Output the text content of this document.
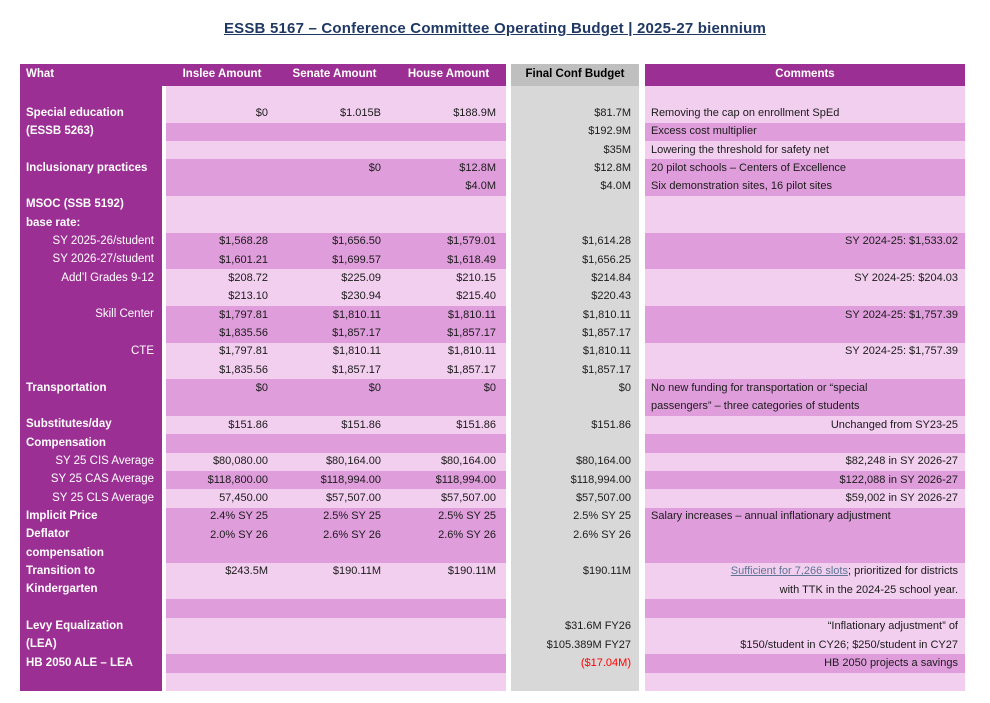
ESSB 5167 – Conference Committee Operating Budget | 2025-27 biennium
What	Inslee Amount	Senate Amount	House Amount	Final Conf Budget	Comments
Special education	$0	$1.015B	$188.9M	$81.7M	Removing the cap on enrollment SpEd
(ESSB 5263)	$192.9M	Excess cost multiplier
$35M	Lowering the threshold for safety net
Inclusionary practices	$0	$12.8M	$12.8M	20 pilot schools – Centers of Excellence
$4.0M	$4.0M	Six demonstration sites, 16 pilot sites
MSOC (SSB 5192)
base rate:
SY 2025-26/student	$1,568.28	$1,656.50	$1,579.01	$1,614.28	SY 2024-25: $1,533.02
SY 2026-27/student	$1,601.21	$1,699.57	$1,618.49	$1,656.25
Add’l Grades 9-12	$208.72	$225.09	$210.15	$214.84	SY 2024-25: $204.03
$213.10	$230.94	$215.40	$220.43
Skill Center	$1,797.81	$1,810.11	$1,810.11	$1,810.11	SY 2024-25: $1,757.39
$1,835.56	$1,857.17	$1,857.17	$1,857.17
CTE	$1,797.81	$1,810.11	$1,810.11	$1,810.11	SY 2024-25: $1,757.39
$1,835.56	$1,857.17	$1,857.17	$1,857.17
Transportation	$0	$0	$0	$0	No new funding for transportation or “special
passengers” – three categories of students
Substitutes/day	$151.86	$151.86	$151.86	$151.86	Unchanged from SY23-25
Compensation
SY 25 CIS Average	$80,080.00	$80,164.00	$80,164.00	$80,164.00	$82,248 in SY 2026-27
SY 25 CAS Average	$118,800.00	$118,994.00	$118,994.00	$118,994.00	$122,088 in SY 2026-27
SY 25 CLS Average	57,450.00	$57,507.00	$57,507.00	$57,507.00	$59,002 in SY 2026-27
Implicit Price	2.4% SY 25	2.5% SY 25	2.5% SY 25	2.5% SY 25	Salary increases – annual inflationary adjustment
Deflator	2.0% SY 26	2.6% SY 26	2.6% SY 26	2.6% SY 26
compensation
Transition to	$243.5M	$190.11M	$190.11M	$190.11M	Sufficient for 7,266 slots ; prioritized for districts
Kindergarten	with TTK in the 2024-25 school year.
Levy Equalization	$31.6M FY26	“Inflationary adjustment” of
(LEA)	$105.389M FY27	$150/student in CY26; $250/student in CY27
HB 2050 ALE – LEA	($17.04M)	HB 2050 projects a savings
